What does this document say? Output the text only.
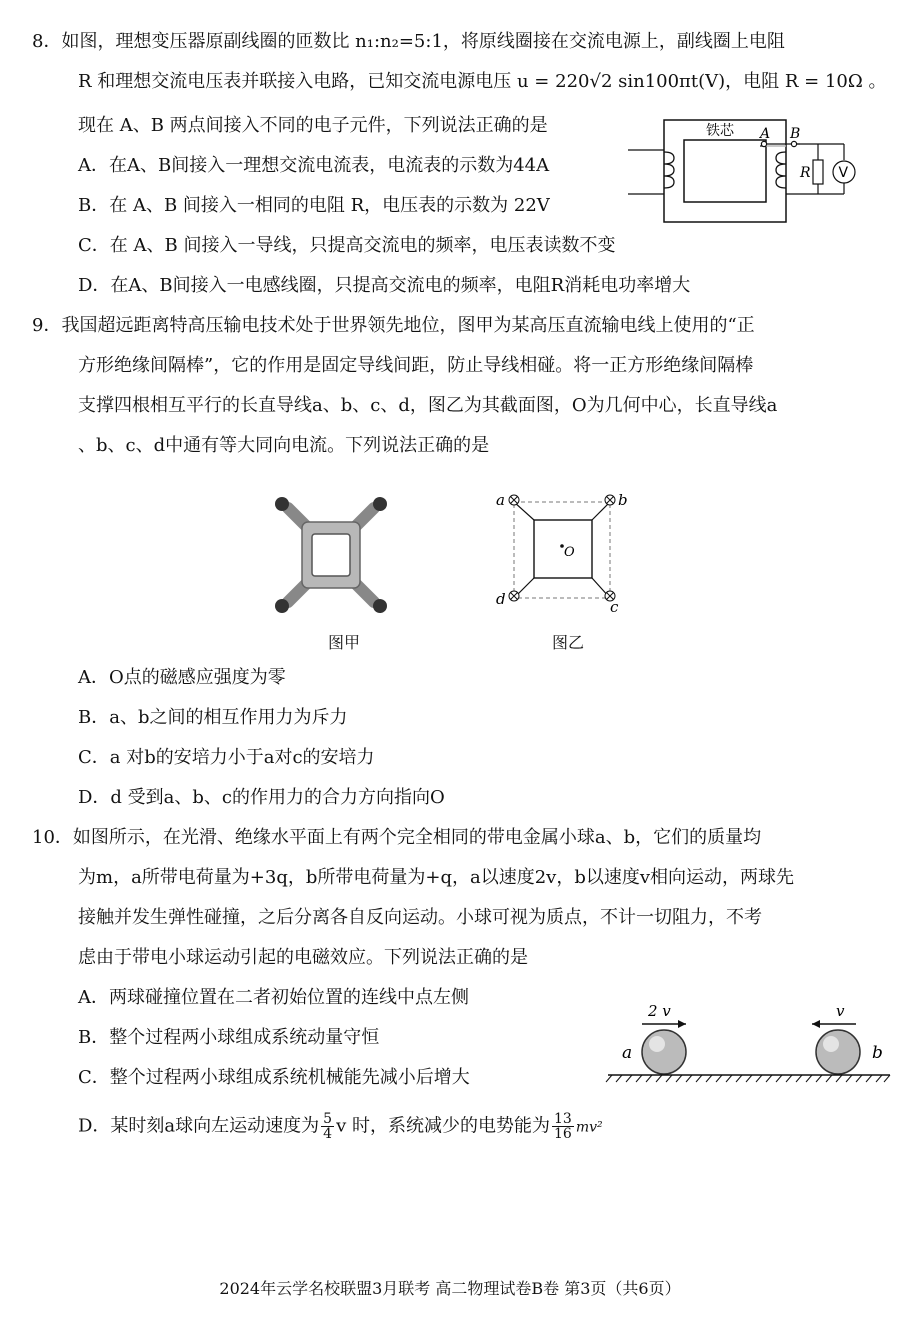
8．如图，理想变压器原副线圈的匝数比 n₁:n₂=5:1，将原线圈接在交流电源上，副线圈上电阻
R 和理想交流电压表并联接入电路，已知交流电源电压 u = 220√2 sin100πt(V)，电阻 R = 10Ω 。
现在 A、B 两点间接入不同的电子元件，下列说法正确的是
A．在A、B间接入一理想交流电流表，电流表的示数为44A
B．在 A、B 间接入一相同的电阻 R，电压表的示数为 22V
C．在 A、B 间接入一导线，只提高交流电的频率，电压表读数不变
D．在A、B间接入一电感线圈，只提高交流电的频率，电阻R消耗电功率增大
铁芯 A B
R V
9．我国超远距离特高压输电技术处于世界领先地位，图甲为某高压直流输电线上使用的“正
方形绝缘间隔棒”，它的作用是固定导线间距，防止导线相碰。将一正方形绝缘间隔棒
支撑四根相互平行的长直导线a、b、c、d，图乙为其截面图，O为几何中心，长直导线a
、b、c、d中通有等大同向电流。下列说法正确的是
图甲
a	b
c
d
O
图乙
A．O点的磁感应强度为零
B．a、b之间的相互作用力为斥力
C．a 对b的安培力小于a对c的安培力
D．d 受到a、b、c的作用力的合力方向指向O
10．如图所示，在光滑、绝缘水平面上有两个完全相同的带电金属小球a、b，它们的质量均
为m，a所带电荷量为+3q，b所带电荷量为+q，a以速度2v，b以速度v相向运动，两球先
接触并发生弹性碰撞，之后分离各自反向运动。小球可视为质点，不计一切阻力，不考
虑由于带电小球运动引起的电磁效应。下列说法正确的是
A．两球碰撞位置在二者初始位置的连线中点左侧
B．整个过程两小球组成系统动量守恒
C．整个过程两小球组成系统机械能先减小后增大
D．某时刻a球向左运动速度为 $\frac{5}{4}$ v 时，系统减少的电势能为 $\frac{13}{16} mv^2$
2 v	v
a	b
2024年云学名校联盟3月联考 高二物理试卷B卷 第3页（共6页）
